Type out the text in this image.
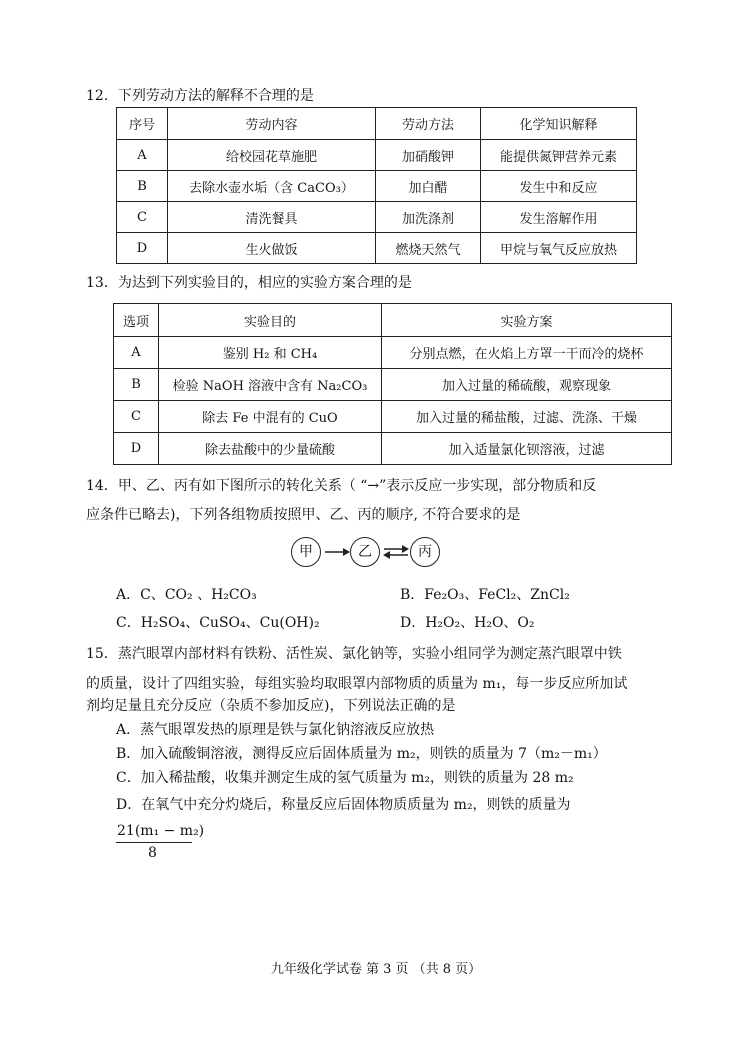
12．下列劳动方法的解释不合理的是
序号	劳动内容	劳动方法	化学知识解释
A	给校园花草施肥	加硝酸钾	能提供氮钾营养元素
B	去除水壶水垢（含 CaCO₃）	加白醋	发生中和反应
C	清洗餐具	加洗涤剂	发生溶解作用
D	生火做饭	燃烧天然气	甲烷与氧气反应放热
13．为达到下列实验目的，相应的实验方案合理的是
选项	实验目的	实验方案
A	鉴别 H₂ 和 CH₄	分别点燃，在火焰上方罩一干而冷的烧杯
B	检验 NaOH 溶液中含有 Na₂CO₃	加入过量的稀硫酸，观察现象
C	除去 Fe 中混有的 CuO	加入过量的稀盐酸，过滤、洗涤、干燥
D	除去盐酸中的少量硫酸	加入适量氯化钡溶液，过滤
14．甲、乙、丙有如下图所示的转化关系（ “→”表示反应一步实现，部分物质和反
应条件已略去)，下列各组物质按照甲、乙、丙的顺序, 不符合要求的是
甲	乙 ⇌ 丙
A．C、CO₂ 、H₂CO₃	B．Fe₂O₃、FeCl₂、ZnCl₂
C．H₂SO₄、CuSO₄、Cu(OH)₂	D．H₂O₂、H₂O、O₂
15．蒸汽眼罩内部材料有铁粉、活性炭、氯化钠等，实验小组同学为测定蒸汽眼罩中铁
的质量，设计了四组实验，每组实验均取眼罩内部物质的质量为 m₁，每一步反应所加试
剂均足量且充分反应（杂质不参加反应)，下列说法正确的是
A．蒸气眼罩发热的原理是铁与氯化钠溶液反应放热
B．加入硫酸铜溶液，测得反应后固体质量为 m₂，则铁的质量为 7（m₂－m₁）
C．加入稀盐酸，收集并测定生成的氢气质量为 m₂，则铁的质量为 28 m₂
D．在氧气中充分灼烧后，称量反应后固体物质质量为 m₂，则铁的质量为
21(m₁ − m₂)
8
九年级化学试卷 第 3 页 （共 8 页）
